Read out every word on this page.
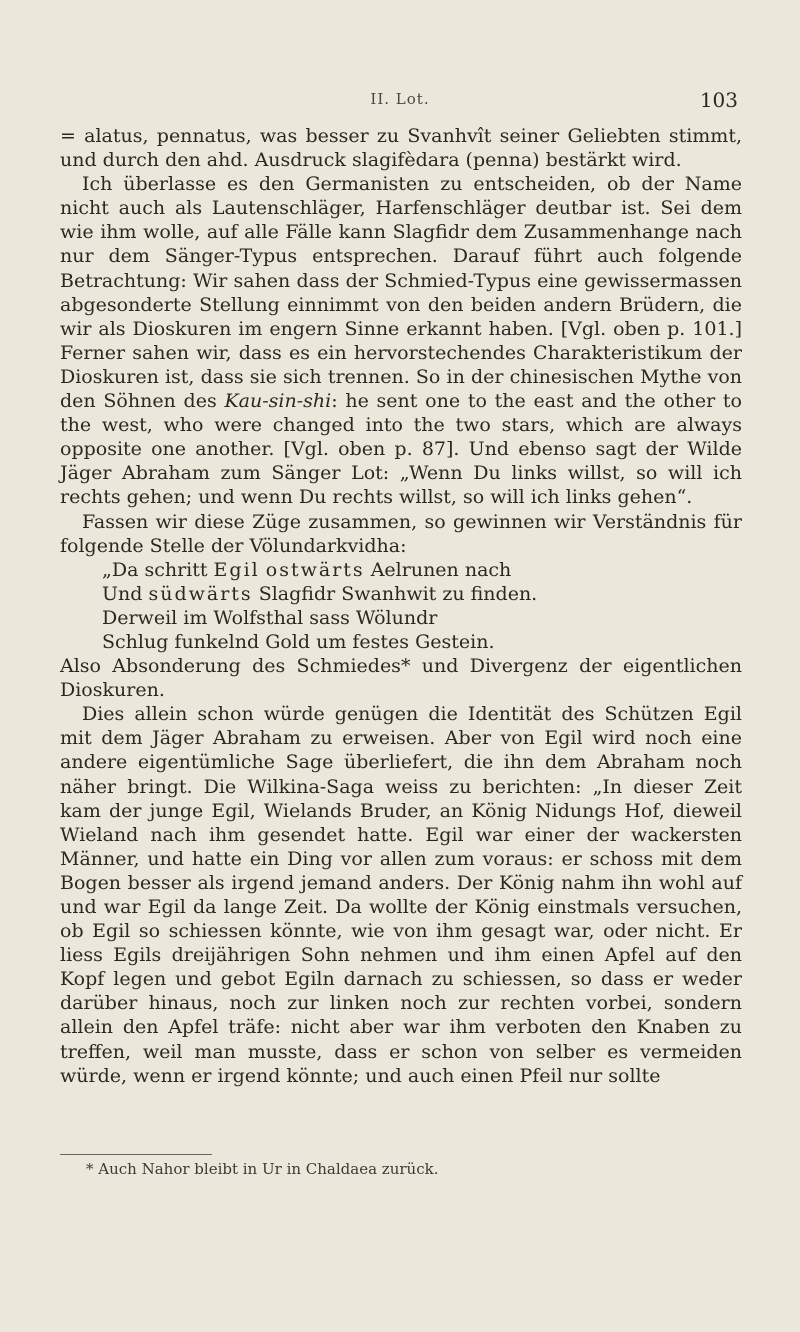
II. Lot.	103

= alatus, pennatus, was besser zu Svanhvît seiner Geliebten stimmt, und durch den ahd. Ausdruck slagifèdara (penna) bestärkt wird.

Ich überlasse es den Germanisten zu entscheiden, ob der Name nicht auch als Lautenschläger, Harfenschläger deutbar ist. Sei dem wie ihm wolle, auf alle Fälle kann Slagfidr dem Zusammenhange nach nur dem Sänger-Typus entsprechen. Darauf führt auch folgende Betrachtung: Wir sahen dass der Schmied-Typus eine gewissermassen abgesonderte Stellung einnimmt von den beiden andern Brüdern, die wir als Dioskuren im engern Sinne erkannt haben. [Vgl. oben p. 101.] Ferner sahen wir, dass es ein hervorstechendes Charakteristikum der Dioskuren ist, dass sie sich trennen. So in der chinesischen Mythe von den Söhnen des Kau-sin-shi: he sent one to the east and the other to the west, who were changed into the two stars, which are always opposite one another. [Vgl. oben p. 87]. Und ebenso sagt der Wilde Jäger Abraham zum Sänger Lot: „Wenn Du links willst, so will ich rechts gehen; und wenn Du rechts willst, so will ich links gehen“.

Fassen wir diese Züge zusammen, so gewinnen wir Verständnis für folgende Stelle der Völundarkvidha:

„Da schritt Egil ostwärts Aelrunen nach
Und südwärts Slagfidr Swanhwit zu finden.
Derweil im Wolfsthal sass Wölundr
Schlug funkelnd Gold um festes Gestein.

Also Absonderung des Schmiedes* und Divergenz der eigentlichen Dioskuren.

Dies allein schon würde genügen die Identität des Schützen Egil mit dem Jäger Abraham zu erweisen. Aber von Egil wird noch eine andere eigentümliche Sage überliefert, die ihn dem Abraham noch näher bringt. Die Wilkina-Saga weiss zu berichten: „In dieser Zeit kam der junge Egil, Wielands Bruder, an König Nidungs Hof, dieweil Wieland nach ihm gesendet hatte. Egil war einer der wackersten Männer, und hatte ein Ding vor allen zum voraus: er schoss mit dem Bogen besser als irgend jemand anders. Der König nahm ihn wohl auf und war Egil da lange Zeit. Da wollte der König einstmals versuchen, ob Egil so schiessen könnte, wie von ihm gesagt war, oder nicht. Er liess Egils dreijährigen Sohn nehmen und ihm einen Apfel auf den Kopf legen und gebot Egiln darnach zu schiessen, so dass er weder darüber hinaus, noch zur linken noch zur rechten vorbei, sondern allein den Apfel träfe: nicht aber war ihm verboten den Knaben zu treffen, weil man musste, dass er schon von selber es vermeiden würde, wenn er irgend könnte; und auch einen Pfeil nur sollte

* Auch Nahor bleibt in Ur in Chaldaea zurück.
